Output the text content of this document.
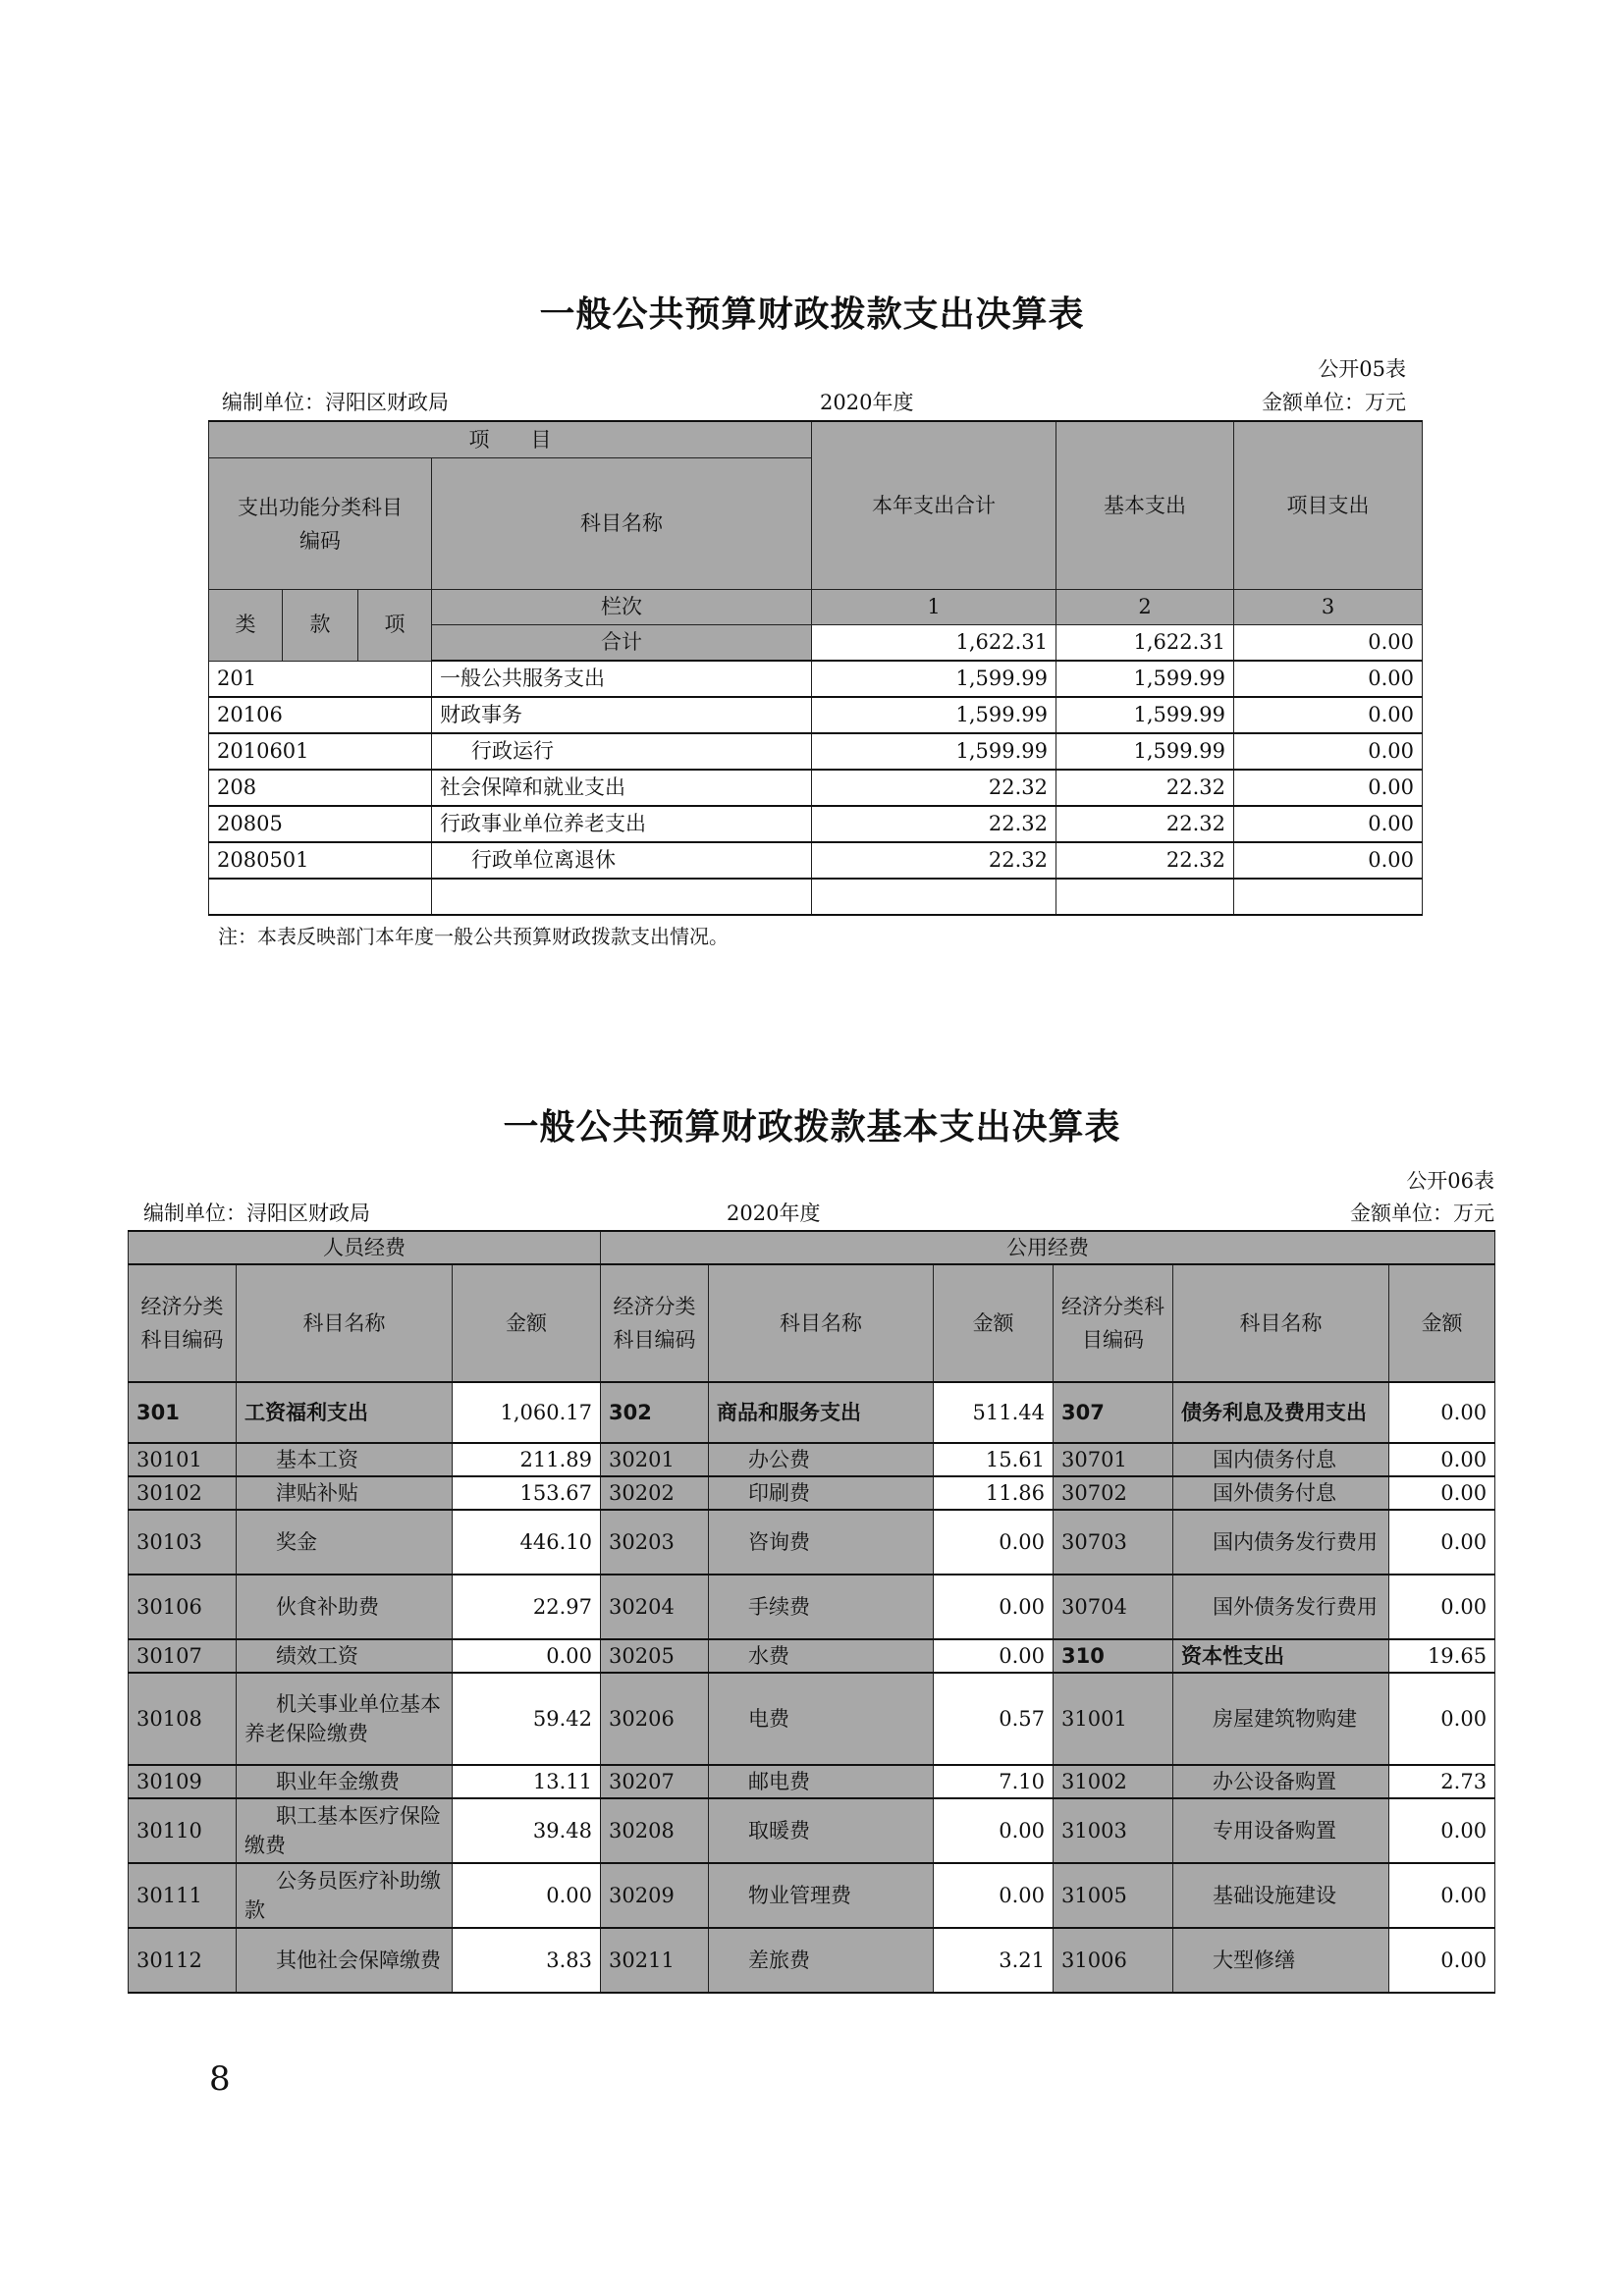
一般公共预算财政拨款支出决算表
公开05表
编制单位：浔阳区财政局	2020年度	金额单位：万元
项　　目				本年支出合计	基本支出	项目支出
支出功能分类科目编码			科目名称			
类	款	项	栏次	1	2	3
			合计	1,622.31	1,622.31	0.00
201			一般公共服务支出	1,599.99	1,599.99	0.00
20106			财政事务	1,599.99	1,599.99	0.00
2010601			行政运行	1,599.99	1,599.99	0.00
208			社会保障和就业支出	22.32	22.32	0.00
20805			行政事业单位养老支出	22.32	22.32	0.00
2080501			行政单位离退休	22.32	22.32	0.00

注：本表反映部门本年度一般公共预算财政拨款支出情况。
一般公共预算财政拨款基本支出决算表
公开06表
编制单位：浔阳区财政局	2020年度	金额单位：万元
人员经费			公用经费					
经济分类科目编码	科目名称	金额	经济分类科目编码	科目名称	金额	经济分类科目编码	科目名称	金额
301	工资福利支出	1,060.17	302	商品和服务支出	511.44	307	债务利息及费用支出	0.00
30101	基本工资	211.89	30201	办公费	15.61	30701	国内债务付息	0.00
30102	津贴补贴	153.67	30202	印刷费	11.86	30702	国外债务付息	0.00
30103	奖金	446.10	30203	咨询费	0.00	30703	国内债务发行费用	0.00
30106	伙食补助费	22.97	30204	手续费	0.00	30704	国外债务发行费用	0.00
30107	绩效工资	0.00	30205	水费	0.00	310	资本性支出	19.65
30108	机关事业单位基本养老保险缴费	59.42	30206	电费	0.57	31001	房屋建筑物购建	0.00
30109	职业年金缴费	13.11	30207	邮电费	7.10	31002	办公设备购置	2.73
30110	职工基本医疗保险缴费	39.48	30208	取暖费	0.00	31003	专用设备购置	0.00
30111	公务员医疗补助缴款	0.00	30209	物业管理费	0.00	31005	基础设施建设	0.00
30112	其他社会保障缴费	3.83	30211	差旅费	3.21	31006	大型修缮	0.00
8
